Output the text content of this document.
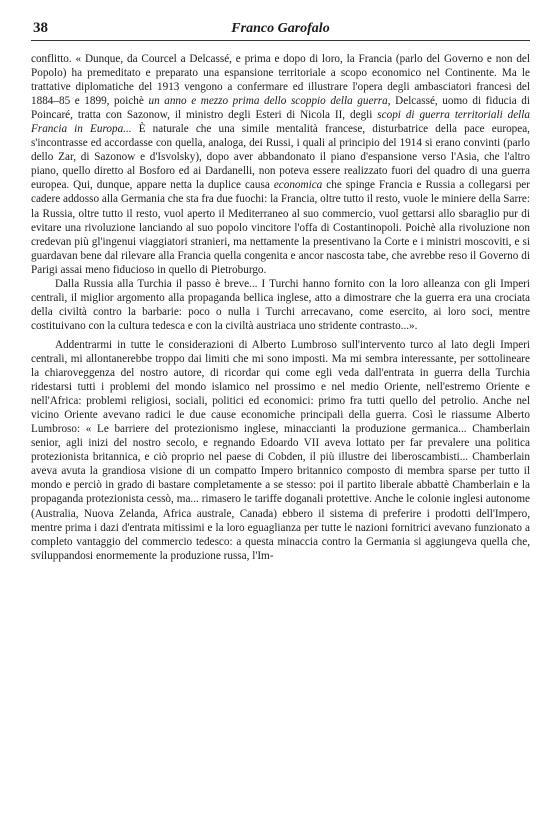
38	Franco Garofalo

conflitto. « Dunque, da Courcel a Delcassé, e prima e dopo di loro, la Francia (parlo del Governo e non del Popolo) ha premeditato e preparato una espansione territoriale a scopo economico nel Continente. Ma le trattative diplomatiche del 1913 vengono a confermare ed illustrare l'opera degli ambasciatori francesi del 1884–85 e 1899, poichè un anno e mezzo prima dello scoppio della guerra, Delcassé, uomo di fiducia di Poincaré, tratta con Sazonow, il ministro degli Esteri di Nicola II, degli scopi di guerra territoriali della Francia in Europa... È naturale che una simile mentalità francese, disturbatrice della pace europea, s'incontrasse ed accordasse con quella, analoga, dei Russi, i quali al principio del 1914 si erano convinti (parlo dello Zar, di Sazonow e d'Isvolsky), dopo aver abbandonato il piano d'espansione verso l'Asia, che l'altro piano, quello diretto al Bosforo ed ai Dardanelli, non poteva essere realizzato fuori del quadro di una guerra europea. Qui, dunque, appare netta la duplice causa economica che spinge Francia e Russia a collegarsi per cadere addosso alla Germania che sta fra due fuochi: la Francia, oltre tutto il resto, vuole le miniere della Sarre: la Russia, oltre tutto il resto, vuol aperto il Mediterraneo al suo commercio, vuol gettarsi allo sbaraglio pur di evitare una rivoluzione lanciando al suo popolo vincitore l'offa di Costantinopoli. Poichè alla rivoluzione non credevan più gl'ingenui viaggiatori stranieri, ma nettamente la presentivano la Corte e i ministri moscoviti, e si guardavan bene dal rilevare alla Francia quella congenita e ancor nascosta tabe, che avrebbe reso il Governo di Parigi assai meno fiducioso in quello di Pietroburgo.

Dalla Russia alla Turchia il passo è breve... I Turchi hanno fornito con la loro alleanza con gli Imperi centrali, il miglior argomento alla propaganda bellica inglese, atto a dimostrare che la guerra era una crociata della civiltà contro la barbarie: poco o nulla i Turchi arrecavano, come esercito, ai loro soci, mentre costituivano con la cultura tedesca e con la civiltà austriaca uno stridente contrasto...».

Addentrarmi in tutte le considerazioni di Alberto Lumbroso sull'intervento turco al lato degli Imperi centrali, mi allontanerebbe troppo dai limiti che mi sono imposti. Ma mi sembra interessante, per sottolineare la chiaroveggenza del nostro autore, di ricordar qui come egli veda dall'entrata in guerra della Turchia ridestarsi tutti i problemi del mondo islamico nel prossimo e nel medio Oriente, nell'estremo Oriente e nell'Africa: problemi religiosi, sociali, politici ed economici: primo fra tutti quello del petrolio. Anche nel vicino Oriente avevano radici le due cause economiche principali della guerra. Così le riassume Alberto Lumbroso: « Le barriere del protezionismo inglese, minaccianti la produzione germanica... Chamberlain senior, agli inizi del nostro secolo, e regnando Edoardo VII aveva lottato per far prevalere una politica protezionista britannica, e ciò proprio nel paese di Cobden, il più illustre dei liberoscambisti... Chamberlain aveva avuta la grandiosa visione di un compatto Impero britannico composto di membra sparse per tutto il mondo e perciò in grado di bastare completamente a se stesso: poi il partito liberale abbattè Chamberlain e la propaganda protezionista cessò, ma... rimasero le tariffe doganali protettive. Anche le colonie inglesi autonome (Australia, Nuova Zelanda, Africa australe, Canada) ebbero il sistema di preferire i prodotti dell'Impero, mentre prima i dazi d'entrata mitissimi e la loro eguaglianza per tutte le nazioni fornitrici avevano funzionato a completo vantaggio del commercio tedesco: a questa minaccia contro la Germania si aggiungeva quella che, sviluppandosi enormemente la produzione russa, l'Im-
